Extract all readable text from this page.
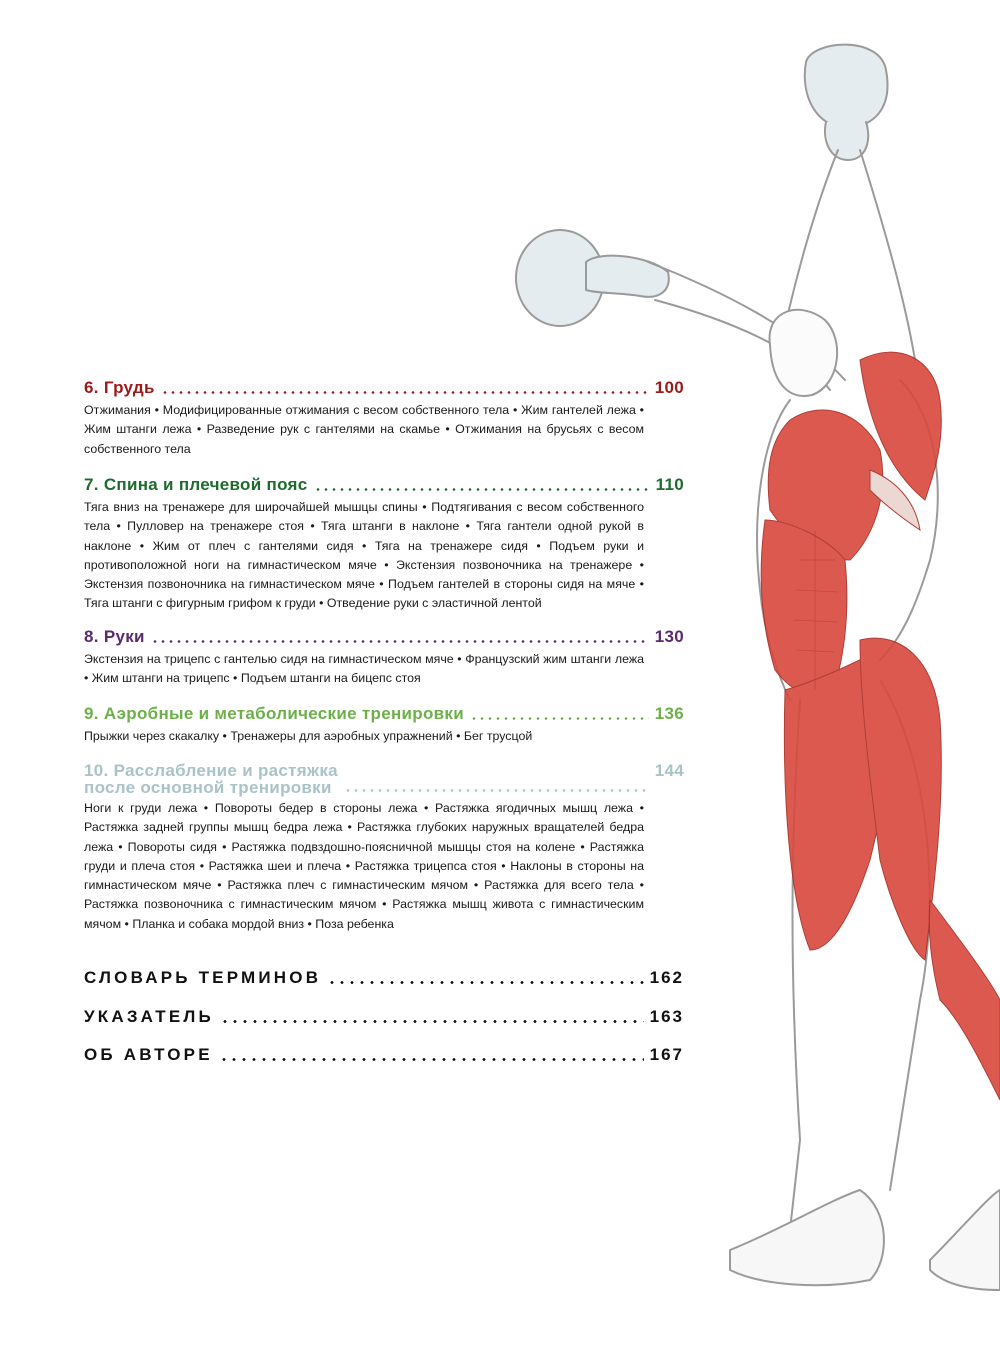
6.
Грудь	100
Отжимания • Модифицированные отжимания с весом собственного тела • Жим гантелей лежа • Жим штанги лежа • Разведение рук с гантелями на скамье • Отжимания на брусьях с весом собственного тела
7.
Спина и плечевой пояс	110
Тяга вниз на тренажере для широчайшей мышцы спины • Подтягивания с весом собственного тела • Пулловер на тренажере стоя • Тяга штанги в наклоне • Тяга гантели одной рукой в наклоне • Жим от плеч с гантелями сидя • Тяга на тренажере сидя • Подъем руки и противоположной ноги на гимнастическом мяче • Экстензия позвоночника на тренажере • Экстензия позвоночника на гимнастическом мяче • Подъем гантелей в стороны сидя на мяче • Тяга штанги с фигурным грифом к груди • Отведение руки с эластичной лентой
8.
Руки	130
Экстензия на трицепс с гантелью сидя на гимнастическом мяче • Французский жим штанги лежа • Жим штанги на трицепс • Подъем штанги на бицепс стоя
9.
Аэробные и метаболические тренировки	136
Прыжки через скакалку • Тренажеры для аэробных упражнений • Бег трусцой
10. Расслабление и растяжка
после основной тренировки
144
Ноги к груди лежа • Повороты бедер в стороны лежа • Растяжка ягодичных мышц лежа • Растяжка задней группы мышц бедра лежа • Растяжка глубоких наружных вращателей бедра лежа • Повороты сидя • Растяжка подвздошно-поясничной мышцы стоя на колене • Растяжка груди и плеча стоя • Растяжка шеи и плеча • Растяжка трицепса стоя • Наклоны в стороны на гимнастическом мяче • Растяжка плеч с гимнастическим мячом • Растяжка для всего тела • Растяжка позвоночника с гимнастическим мячом • Растяжка мышц живота с гимнастическим мячом • Планка и собака мордой вниз • Поза ребенка
СЛОВАРЬ ТЕРМИНОВ	162
УКАЗАТЕЛЬ	163
ОБ АВТОРЕ	167
